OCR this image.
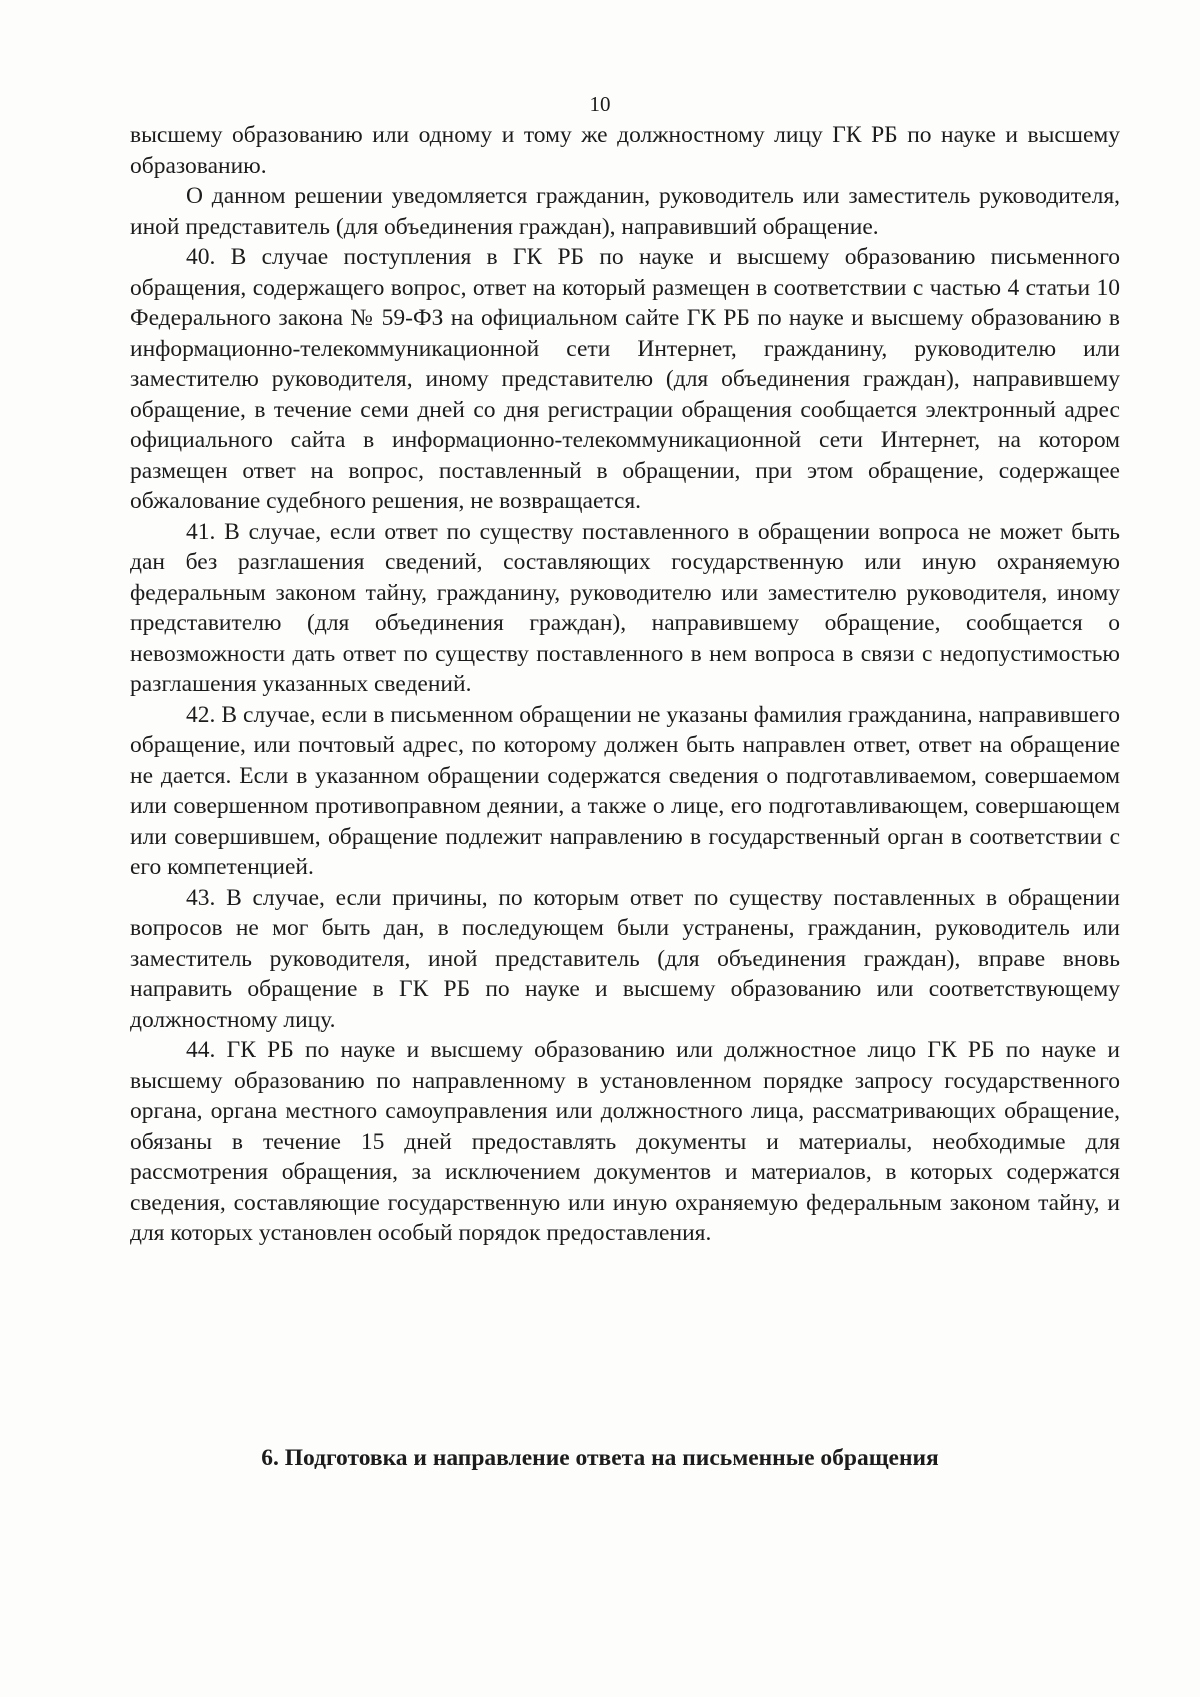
10

высшему образованию или одному и тому же должностному лицу ГК РБ по науке и высшему образованию.

О данном решении уведомляется гражданин, руководитель или заместитель руководителя, иной представитель (для объединения граждан), направивший обращение.

40. В случае поступления в ГК РБ по науке и высшему образованию письменного обращения, содержащего вопрос, ответ на который размещен в соответствии с частью 4 статьи 10 Федерального закона № 59-ФЗ на официальном сайте ГК РБ по науке и высшему образованию в информационно-телекоммуникационной сети Интернет, гражданину, руководителю или заместителю руководителя, иному представителю (для объединения граждан), направившему обращение, в течение семи дней со дня регистрации обращения сообщается электронный адрес официального сайта в информационно-телекоммуникационной сети Интернет, на котором размещен ответ на вопрос, поставленный в обращении, при этом обращение, содержащее обжалование судебного решения, не возвращается.

41. В случае, если ответ по существу поставленного в обращении вопроса не может быть дан без разглашения сведений, составляющих государственную или иную охраняемую федеральным законом тайну, гражданину, руководителю или заместителю руководителя, иному представителю (для объединения граждан), направившему обращение, сообщается о невозможности дать ответ по существу поставленного в нем вопроса в связи с недопустимостью разглашения указанных сведений.

42. В случае, если в письменном обращении не указаны фамилия гражданина, направившего обращение, или почтовый адрес, по которому должен быть направлен ответ, ответ на обращение не дается. Если в указанном обращении содержатся сведения о подготавливаемом, совершаемом или совершенном противоправном деянии, а также о лице, его подготавливающем, совершающем или совершившем, обращение подлежит направлению в государственный орган в соответствии с его компетенцией.

43. В случае, если причины, по которым ответ по существу поставленных в обращении вопросов не мог быть дан, в последующем были устранены, гражданин, руководитель или заместитель руководителя, иной представитель (для объединения граждан), вправе вновь направить обращение в ГК РБ по науке и высшему образованию или соответствующему должностному лицу.

44. ГК РБ по науке и высшему образованию или должностное лицо ГК РБ по науке и высшему образованию по направленному в установленном порядке запросу государственного органа, органа местного самоуправления или должностного лица, рассматривающих обращение, обязаны в течение 15 дней предоставлять документы и материалы, необходимые для рассмотрения обращения, за исключением документов и материалов, в которых содержатся сведения, составляющие государственную или иную охраняемую федеральным законом тайну, и для которых установлен особый порядок предоставления.

6. Подготовка и направление ответа на письменные обращения
